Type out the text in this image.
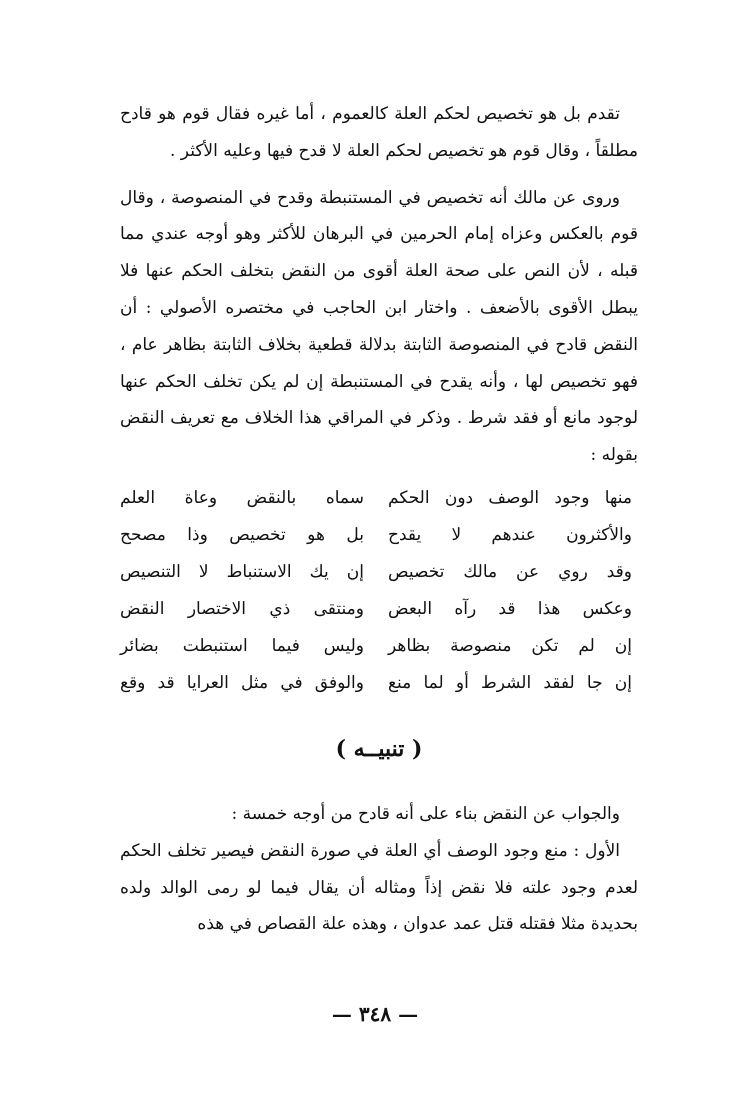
تقدم بل هو تخصيص لحكم العلة كالعموم ، أما غيره فقال قوم هو قادح مطلقاً ، وقال قوم هو تخصيص لحكم العلة لا قدح فيها وعليه الأكثر .

وروى عن مالك أنه تخصيص في المستنبطة وقدح في المنصوصة ، وقال قوم بالعكس وعزاه إمام الحرمين في البرهان للأكثر وهو أوجه عندي مما قبله ، لأن النص على صحة العلة أقوى من النقض بتخلف الحكم عنها فلا يبطل الأقوى بالأضعف . واختار ابن الحاجب في مختصره الأصولي : أن النقض قادح في المنصوصة الثابتة بدلالة قطعية بخلاف الثابتة بظاهر عام ، فهو تخصيص لها ، وأنه يقدح في المستنبطة إن لم يكن تخلف الحكم عنها لوجود مانع أو فقد شرط . وذكر في المراقي هذا الخلاف مع تعريف النقض بقوله :

منها وجود الوصف دون الحكم
سماه بالنقض وعاة العلم
والأكثرون عندهم لا يقدح
بل هو تخصيص وذا مصحح
وقد روي عن مالك تخصيص
إن يك الاستنباط لا التنصيص
وعكس هذا قد رآه البعض
ومنتقى ذي الاختصار النقض
إن لم تكن منصوصة بظاهر
وليس فيما استنبطت بضائر
إن جا لفقد الشرط أو لما منع
والوفق في مثل العرايا قد وقع
( تنبيــه )

والجواب عن النقض بناء على أنه قادح من أوجه خمسة :

الأول : منع وجود الوصف أي العلة في صورة النقض فيصير تخلف الحكم لعدم وجود علته فلا نقض إذاً ومثاله أن يقال فيما لو رمى الوالد ولده بحديدة مثلا فقتله قتل عمد عدوان ، وهذه علة القصاص في هذه

— ٣٤٨ —
